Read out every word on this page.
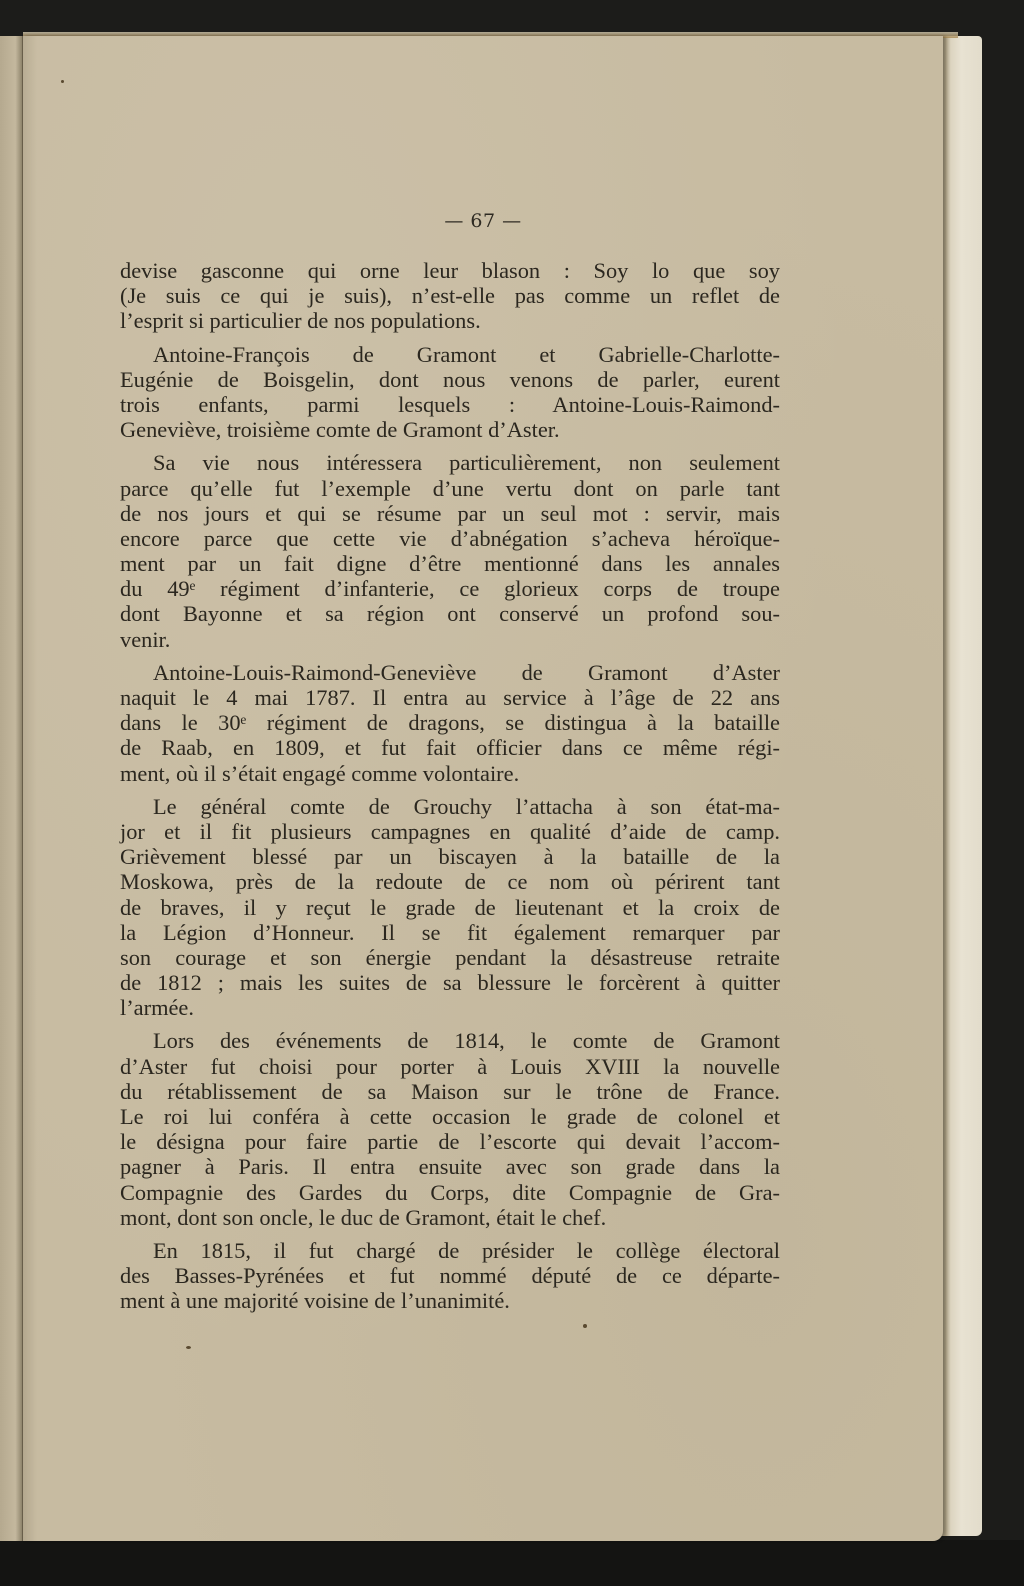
— 67 —
devise gasconne qui orne leur blason : Soy lo que soy
(Je suis ce qui je suis), n’est-elle pas comme un reflet de
l’esprit si particulier de nos populations.
Antoine-François de Gramont et Gabrielle-Charlotte-
Eugénie de Boisgelin, dont nous venons de parler, eurent
trois enfants, parmi lesquels : Antoine-Louis-Raimond-
Geneviève, troisième comte de Gramont d’Aster.
Sa vie nous intéressera particulièrement, non seulement
parce qu’elle fut l’exemple d’une vertu dont on parle tant
de nos jours et qui se résume par un seul mot : servir, mais
encore parce que cette vie d’abnégation s’acheva héroïque-
ment par un fait digne d’être mentionné dans les annales
du 49ᵉ régiment d’infanterie, ce glorieux corps de troupe
dont Bayonne et sa région ont conservé un profond sou-
venir.
Antoine-Louis-Raimond-Geneviève de Gramont d’Aster
naquit le 4 mai 1787. Il entra au service à l’âge de 22 ans
dans le 30ᵉ régiment de dragons, se distingua à la bataille
de Raab, en 1809, et fut fait officier dans ce même régi-
ment, où il s’était engagé comme volontaire.
Le général comte de Grouchy l’attacha à son état-ma-
jor et il fit plusieurs campagnes en qualité d’aide de camp.
Grièvement blessé par un biscayen à la bataille de la
Moskowa, près de la redoute de ce nom où périrent tant
de braves, il y reçut le grade de lieutenant et la croix de
la Légion d’Honneur. Il se fit également remarquer par
son courage et son énergie pendant la désastreuse retraite
de 1812 ; mais les suites de sa blessure le forcèrent à quitter
l’armée.
Lors des événements de 1814, le comte de Gramont
d’Aster fut choisi pour porter à Louis XVIII la nouvelle
du rétablissement de sa Maison sur le trône de France.
Le roi lui conféra à cette occasion le grade de colonel et
le désigna pour faire partie de l’escorte qui devait l’accom-
pagner à Paris. Il entra ensuite avec son grade dans la
Compagnie des Gardes du Corps, dite Compagnie de Gra-
mont, dont son oncle, le duc de Gramont, était le chef.
En 1815, il fut chargé de présider le collège électoral
des Basses-Pyrénées et fut nommé député de ce départe-
ment à une majorité voisine de l’unanimité.
